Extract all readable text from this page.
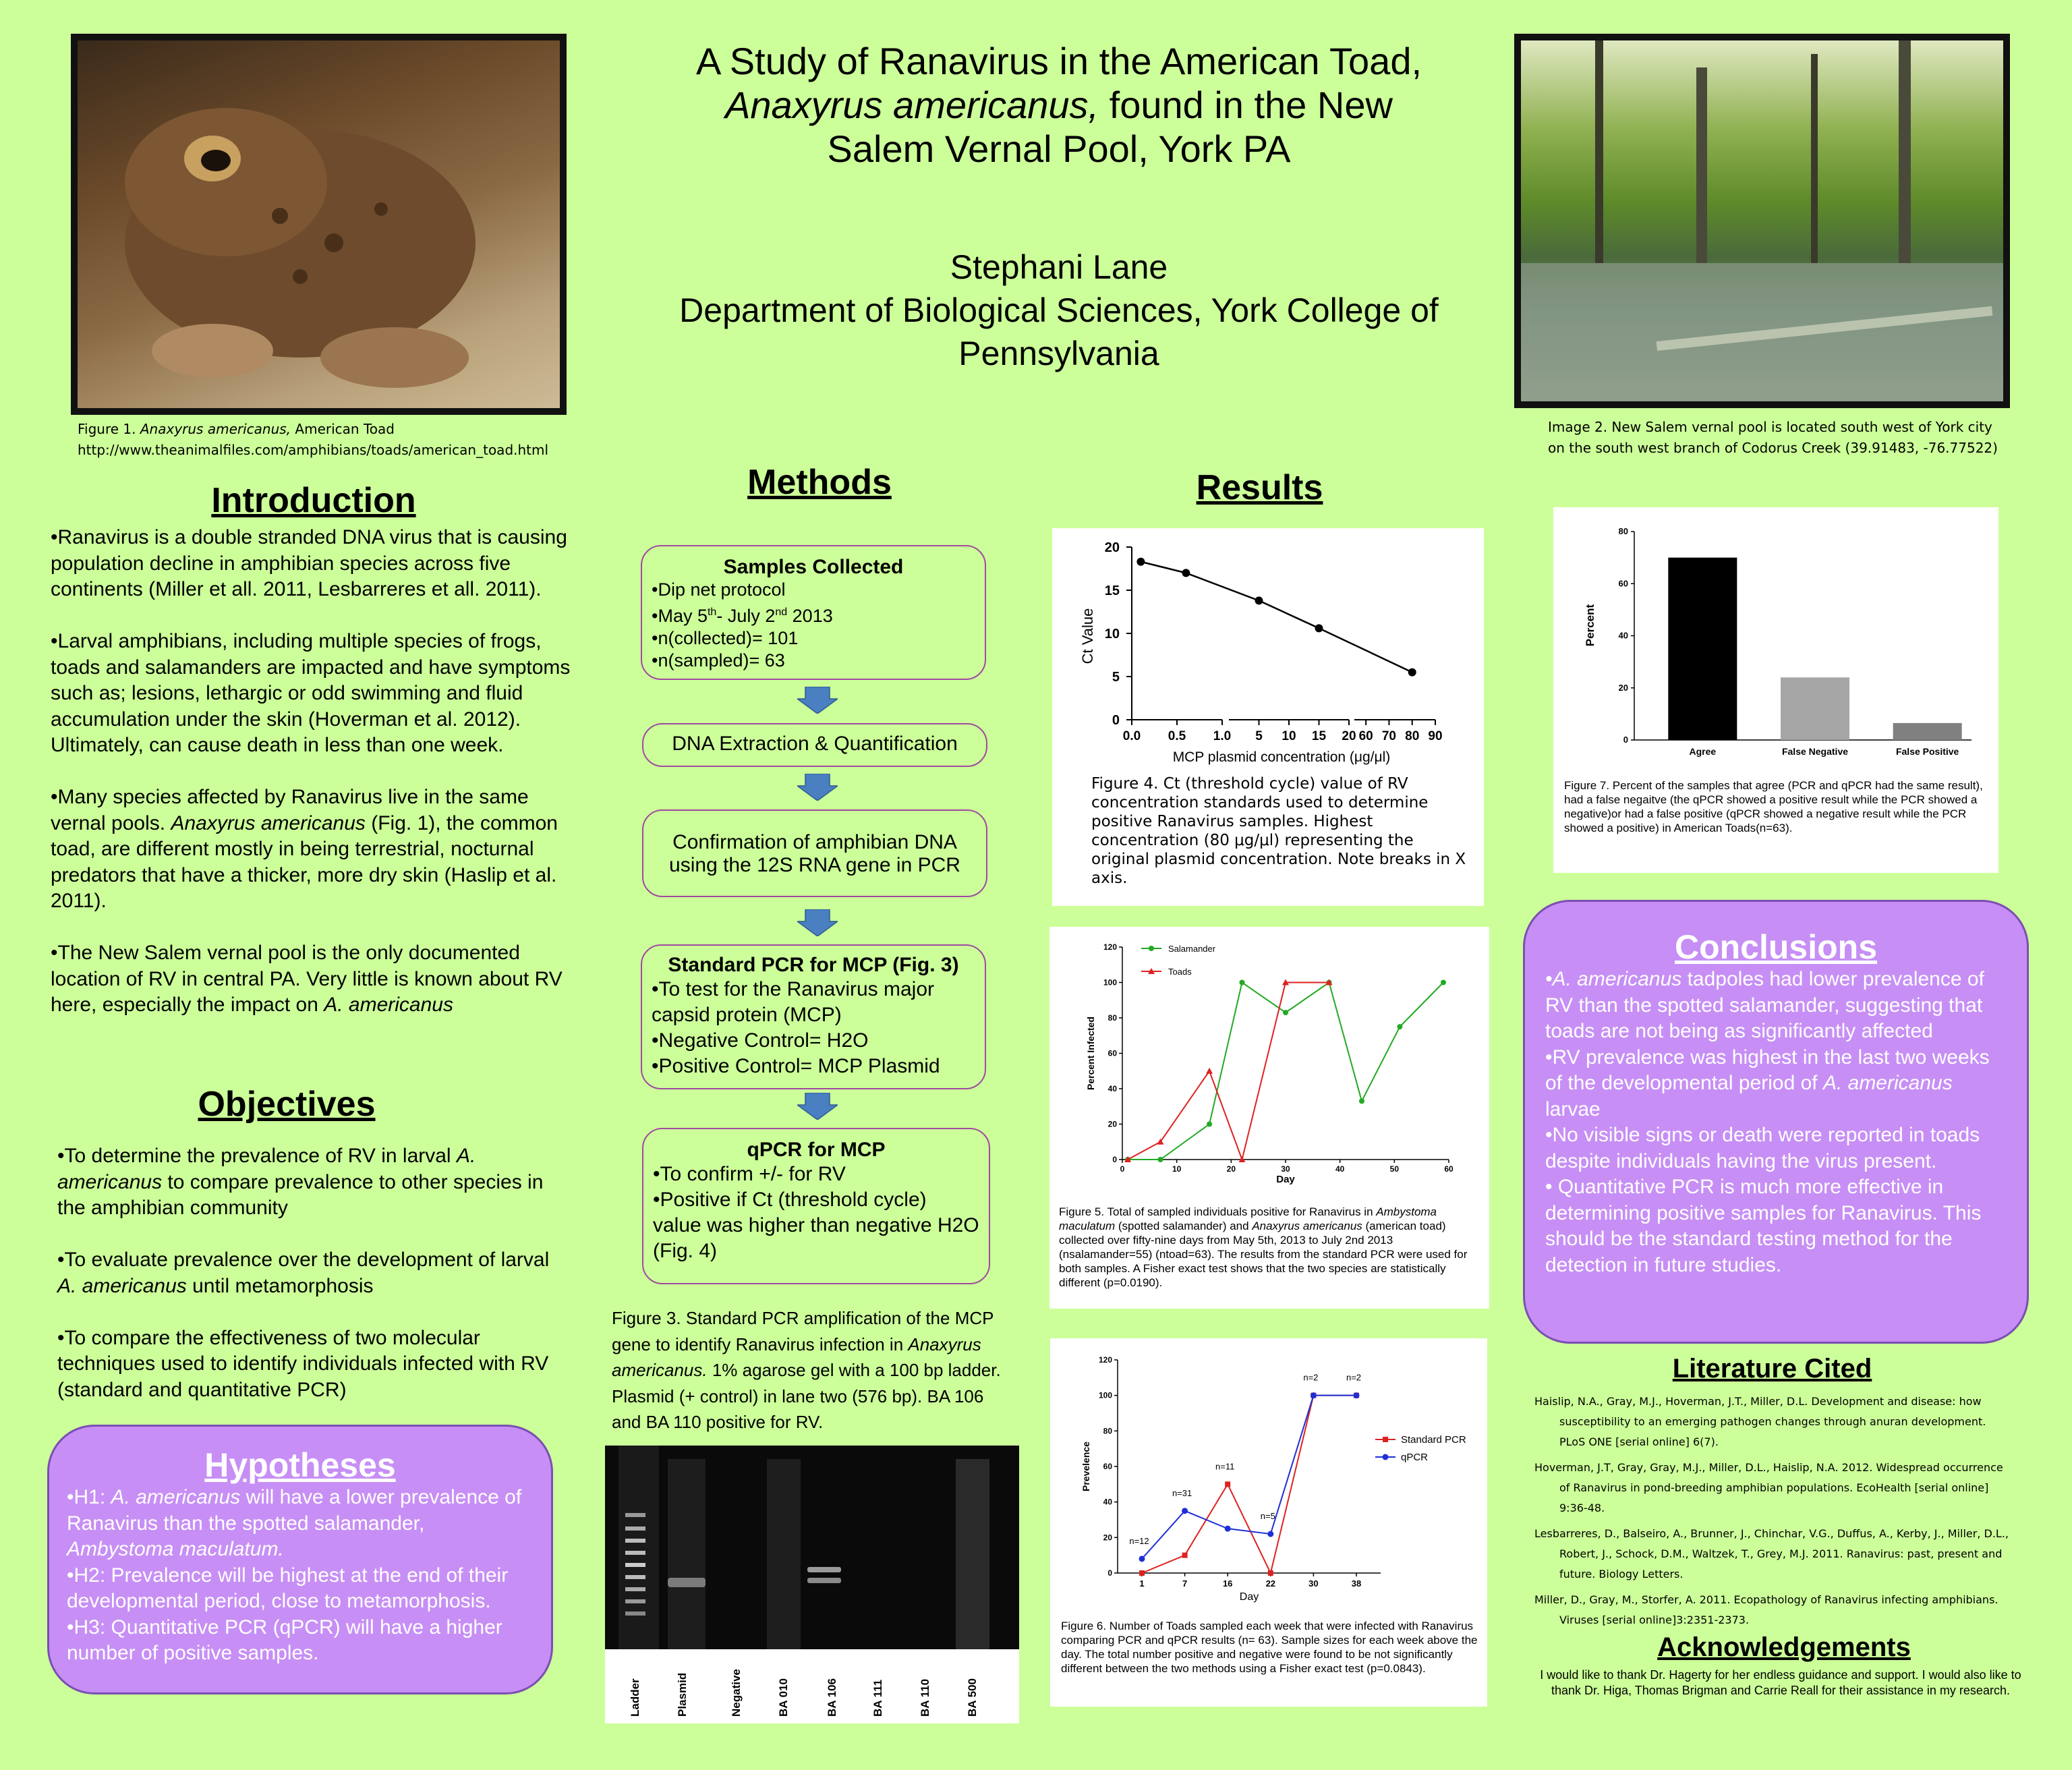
Figure 1. Anaxyrus americanus, American Toad
http://www.theanimalfiles.com/amphibians/toads/american_toad.html
Image 2. New Salem vernal pool is located south west of York city
on the south west branch of Codorus Creek (39.91483, -76.77522)
A Study of Ranavirus in the American Toad,
Anaxyrus americanus, found in the New
Salem Vernal Pool, York PA
Stephani Lane
Department of Biological Sciences, York College of
Pennsylvania
Introduction

•Ranavirus is a double stranded DNA virus that is causing population decline in amphibian species across five continents (Miller et all. 2011, Lesbarreres et all. 2011).

•Larval amphibians, including multiple species of frogs, toads and salamanders are impacted and have symptoms such as; lesions, lethargic or odd swimming and fluid accumulation under the skin (Hoverman et al. 2012). Ultimately, can cause death in less than one week.

•Many species affected by Ranavirus live in the same vernal pools. Anaxyrus americanus (Fig. 1), the common toad, are different mostly in being terrestrial, nocturnal predators that have a thicker, more dry skin (Haslip et al. 2011).

•The New Salem vernal pool is the only documented location of RV in central PA. Very little is known about RV here, especially the impact on A. americanus

Objectives

•To determine the prevalence of RV in larval A. americanus to compare prevalence to other species in the amphibian community

•To evaluate prevalence over the development of larval A. americanus until metamorphosis

•To compare the effectiveness of two molecular techniques used to identify individuals infected with RV (standard and quantitative PCR)

Hypotheses

•H1: A. americanus will have a lower prevalence of Ranavirus than the spotted salamander, Ambystoma maculatum.

•H2: Prevalence will be highest at the end of their developmental period, close to metamorphosis.

•H3: Quantitative PCR (qPCR) will have a higher number of positive samples.

Methods
Samples Collected
•Dip net protocol
•May 5th- July 2nd 2013
•n(collected)= 101
•n(sampled)= 63
DNA Extraction & Quantification
Confirmation of amphibian DNA using the 12S RNA gene in PCR
Standard PCR for MCP (Fig. 3)
•To test for the Ranavirus major capsid protein (MCP)
•Negative Control= H2O
•Positive Control= MCP Plasmid
qPCR for MCP
•To confirm +/- for RV
•Positive if Ct (threshold cycle) value was higher than negative H2O (Fig. 4)
Figure 3. Standard PCR amplification of the MCP gene to identify Ranavirus infection in Anaxyrus americanus. 1% agarose gel with a 100 bp ladder. Plasmid (+ control) in lane two (576 bp). BA 106 and BA 110 positive for RV.
Ladder	Plasmid	Negative	BA 010	BA 106	BA 111	BA 110	BA 500
Results
0
5
10
15
20
Ct Value
0.0 0.5 1.0 5 10 15 20 60 70 80 90
MCP plasmid concentration (μg/μl)
Figure 4. Ct (threshold cycle) value of RV concentration standards used to determine positive Ranavirus samples. Highest concentration (80 μg/μl) representing the original plasmid concentration. Note breaks in X axis.
0
20
40
60
80
100
120
Percent Infected
0	10	20	30	40	50	60
Day
Salamander
Toads
Figure 5. Total of sampled individuals positive for Ranavirus in Ambystoma maculatum (spotted salamander) and Anaxyrus americanus (american toad) collected over fifty-nine days from May 5th, 2013 to July 2nd 2013 (nsalamander=55) (ntoad=63). The results from the standard PCR were used for both samples. A Fisher exact test shows that the two species are statistically different (p=0.0190).
0
20
40
60
80
100
120
Prevelence
1	7	16	22	30	38
Day
Standard PCR
qPCR
n=12
n=31
n=11
n=5
n=2	n=2
Figure 6. Number of Toads sampled each week that were infected with Ranavirus comparing PCR and qPCR results (n= 63). Sample sizes for each week above the day. The total number positive and negative were found to be not significantly different between the two methods using a Fisher exact test (p=0.0843).
0
20
40
60
80
Percent
Agree	False Negative	False Positive
Figure 7. Percent of the samples that agree (PCR and qPCR had the same result), had a false negaitve (the qPCR showed a positive result while the PCR showed a negative)or had a false positive (qPCR showed a negative result while the PCR showed a positive) in American Toads(n=63).
Conclusions

•A. americanus tadpoles had lower prevalence of RV than the spotted salamander, suggesting that toads are not being as significantly affected

•RV prevalence was highest in the last two weeks of the developmental period of A. americanus larvae

•No visible signs or death were reported in toads despite individuals having the virus present.

• Quantitative PCR is much more effective in determining positive samples for Ranavirus. This should be the standard testing method for the detection in future studies.

Literature Cited

Haislip, N.A., Gray, M.J., Hoverman, J.T., Miller, D.L. Development and disease: how susceptibility to an emerging pathogen changes through anuran development. PLoS ONE [serial online] 6(7).

Hoverman, J.T, Gray, Gray, M.J., Miller, D.L., Haislip, N.A. 2012. Widespread occurrence of Ranavirus in pond-breeding amphibian populations. EcoHealth [serial online] 9:36-48.

Lesbarreres, D., Balseiro, A., Brunner, J., Chinchar, V.G., Duffus, A., Kerby, J., Miller, D.L., Robert, J., Schock, D.M., Waltzek, T., Grey, M.J. 2011. Ranavirus: past, present and future. Biology Letters.

Miller, D., Gray, M., Storfer, A. 2011. Ecopathology of Ranavirus infecting amphibians. Viruses [serial online]3:2351-2373.

Acknowledgements
I would like to thank Dr. Hagerty for her endless guidance and support. I would also like to thank Dr. Higa, Thomas Brigman and Carrie Reall for their assistance in my research.
